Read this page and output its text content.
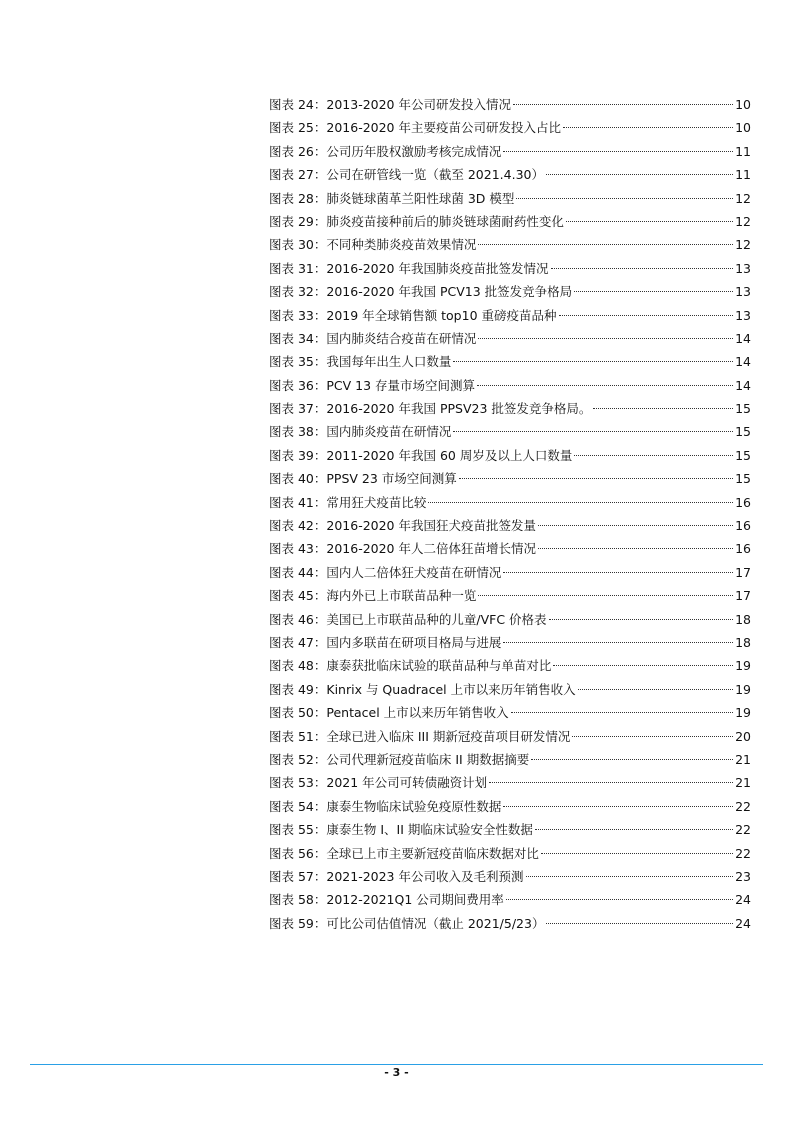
图表 24：2013-2020 年公司研发投入情况	10
图表 25：2016-2020 年主要疫苗公司研发投入占比	10
图表 26：公司历年股权激励考核完成情况	11
图表 27：公司在研管线一览（截至 2021.4.30）	11
图表 28：肺炎链球菌革兰阳性球菌 3D 模型	12
图表 29：肺炎疫苗接种前后的肺炎链球菌耐药性变化	12
图表 30：不同种类肺炎疫苗效果情况	12
图表 31：2016-2020 年我国肺炎疫苗批签发情况	13
图表 32：2016-2020 年我国 PCV13 批签发竞争格局	13
图表 33：2019 年全球销售额 top10 重磅疫苗品种	13
图表 34：国内肺炎结合疫苗在研情况	14
图表 35：我国每年出生人口数量	14
图表 36：PCV 13 存量市场空间测算	14
图表 37：2016-2020 年我国 PPSV23 批签发竞争格局。	15
图表 38：国内肺炎疫苗在研情况	15
图表 39：2011-2020 年我国 60 周岁及以上人口数量	15
图表 40：PPSV 23 市场空间测算	15
图表 41：常用狂犬疫苗比较	16
图表 42：2016-2020 年我国狂犬疫苗批签发量	16
图表 43：2016-2020 年人二倍体狂苗增长情况	16
图表 44：国内人二倍体狂犬疫苗在研情况	17
图表 45：海内外已上市联苗品种一览	17
图表 46：美国已上市联苗品种的儿童/VFC 价格表	18
图表 47：国内多联苗在研项目格局与进展	18
图表 48：康泰获批临床试验的联苗品种与单苗对比	19
图表 49：Kinrix 与 Quadracel 上市以来历年销售收入	19
图表 50：Pentacel 上市以来历年销售收入	19
图表 51：全球已进入临床 III 期新冠疫苗项目研发情况	20
图表 52：公司代理新冠疫苗临床 II 期数据摘要	21
图表 53：2021 年公司可转债融资计划	21
图表 54：康泰生物临床试验免疫原性数据	22
图表 55：康泰生物 I、II 期临床试验安全性数据	22
图表 56：全球已上市主要新冠疫苗临床数据对比	22
图表 57：2021-2023 年公司收入及毛利预测	23
图表 58：2012-2021Q1 公司期间费用率	24
图表 59：可比公司估值情况（截止 2021/5/23）	24
- 3 -
